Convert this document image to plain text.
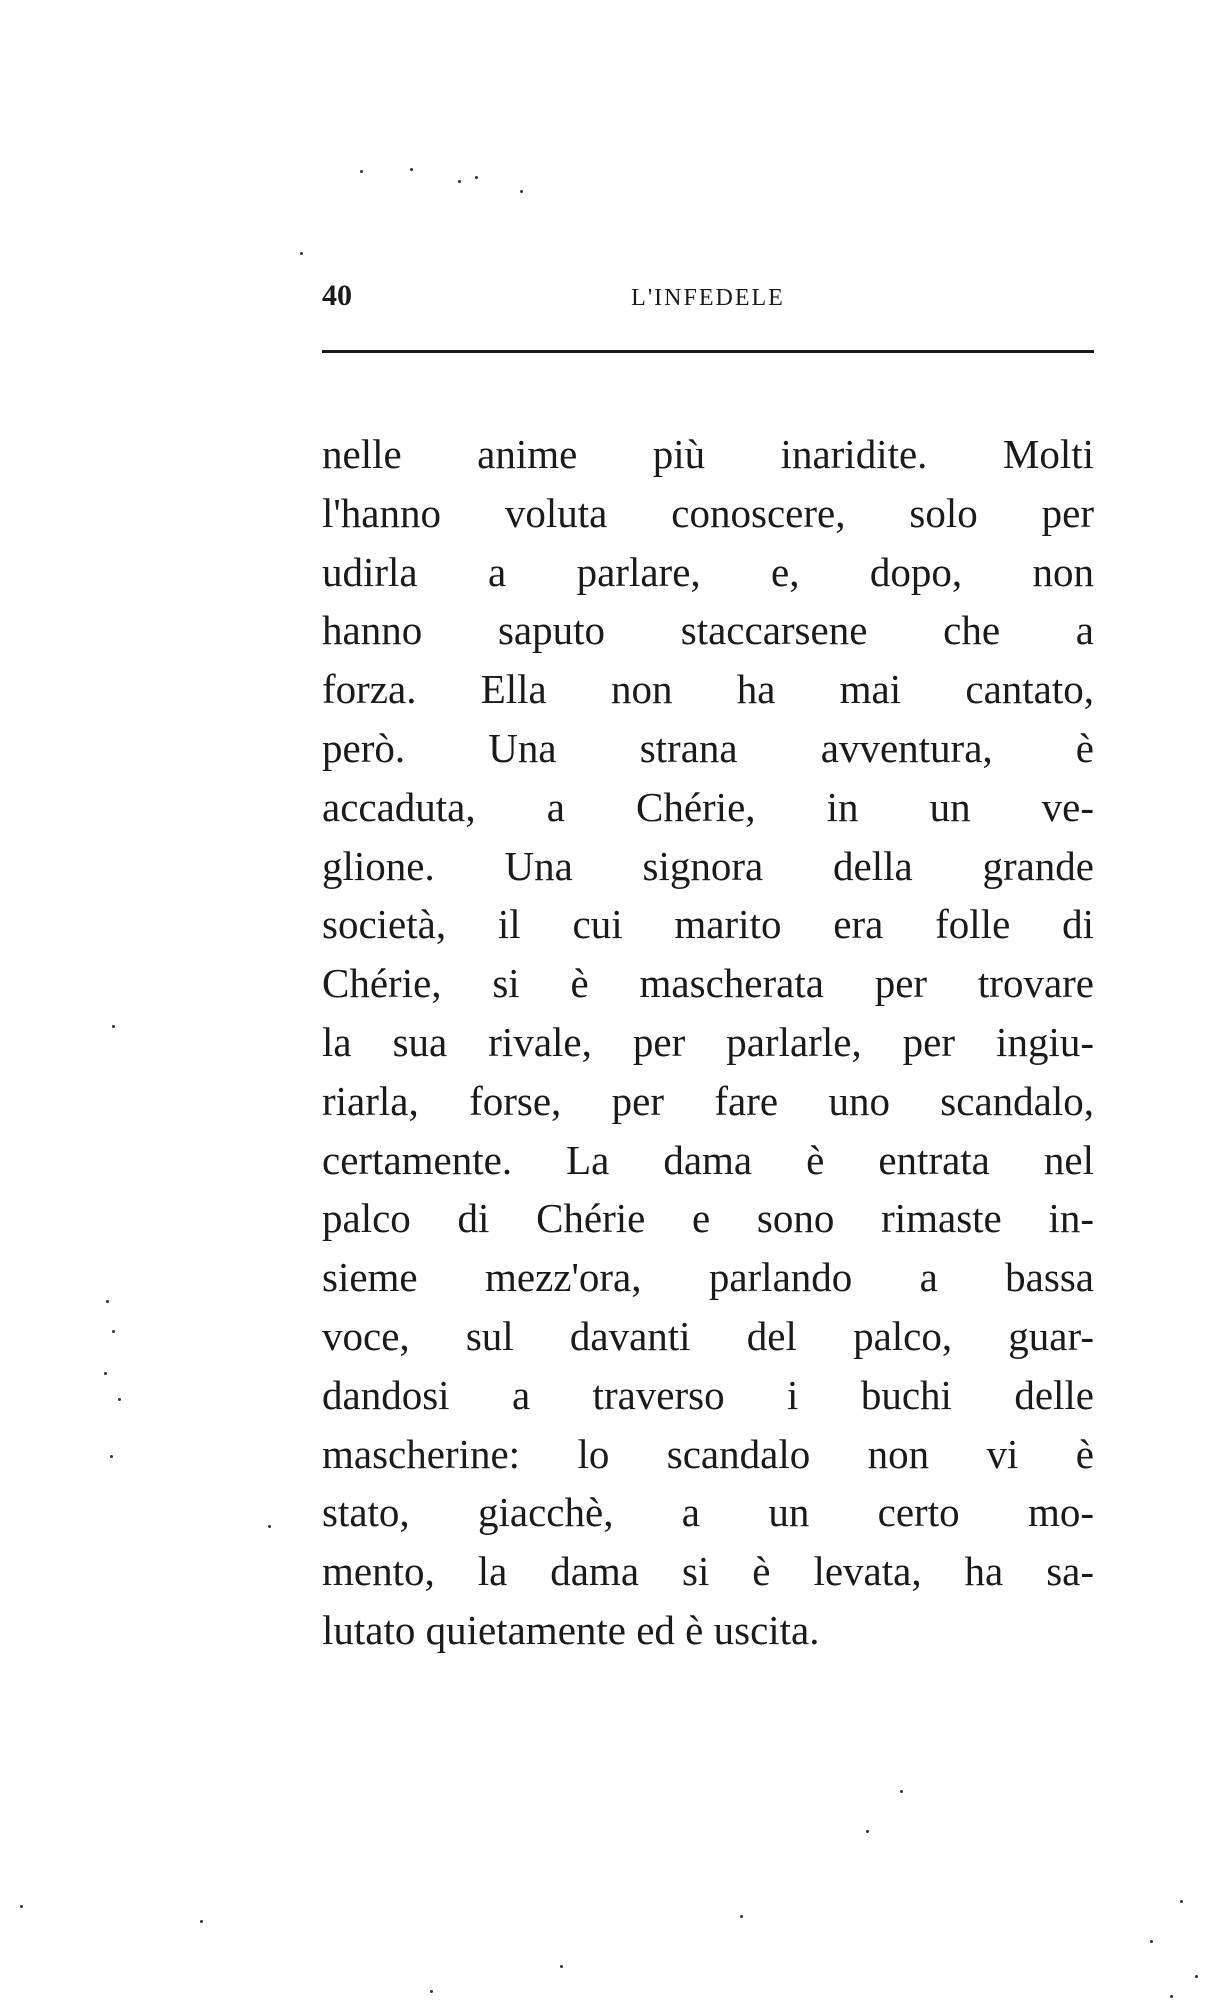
40	L'INFEDELE
nelle anime più inaridite. Molti
l'hanno voluta conoscere, solo per
udirla a parlare, e, dopo, non
hanno saputo staccarsene che a
forza. Ella non ha mai cantato,
però. Una strana avventura, è
accaduta, a Chérie, in un ve-
glione. Una signora della grande
società, il cui marito era folle di
Chérie, si è mascherata per trovare
la sua rivale, per parlarle, per ingiu-
riarla, forse, per fare uno scandalo,
certamente. La dama è entrata nel
palco di Chérie e sono rimaste in-
sieme mezz'ora, parlando a bassa
voce, sul davanti del palco, guar-
dandosi a traverso i buchi delle
mascherine: lo scandalo non vi è
stato, giacchè, a un certo mo-
mento, la dama si è levata, ha sa-
lutato quietamente ed è uscita.
